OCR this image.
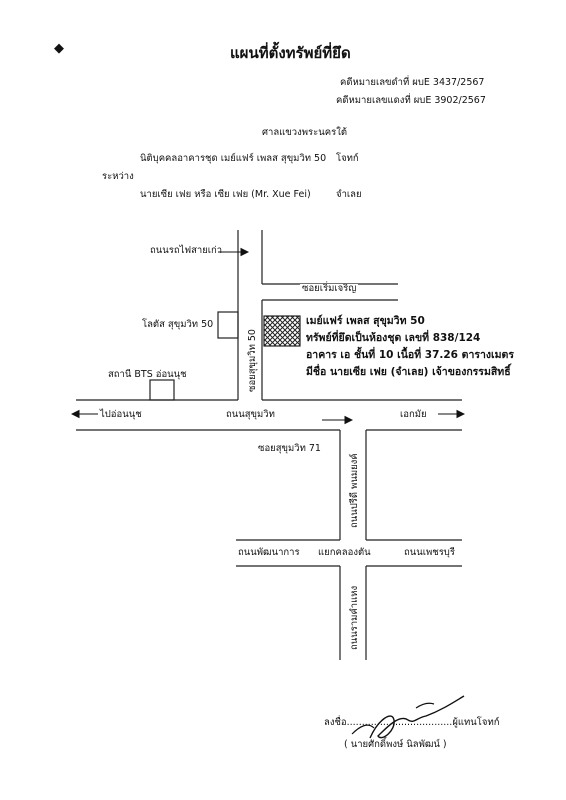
◆	แผนที่ตั้งทรัพย์ที่ยึด
คดีหมายเลขดำที่ ผบE 3437/2567
คดีหมายเลขแดงที่ ผบE 3902/2567
ศาลแขวงพระนครใต้
นิติบุคคลอาคารชุด เมย์แฟร์ เพลส สุขุมวิท 50 โจทก์
ระหว่าง
นายเซีย เฟย หรือ เซีย เฟย (Mr. Xue Fei)	จำเลย
ถนนรถไฟสายเก่า
ซอยเริ่มเจริญ
โลตัส สุขุมวิท 50
ซอยสุขุมวิท 50
สถานี BTS อ่อนนุช
เมย์แฟร์ เพลส สุขุมวิท 50
ทรัพย์ที่ยึดเป็นห้องชุด เลขที่ 838/124
อาคาร เอ ชั้นที่ 10 เนื้อที่ 37.26 ตารางเมตร
มีชื่อ นายเซีย เฟย (จำเลย) เจ้าของกรรมสิทธิ์
ไปอ่อนนุช	ถนนสุขุมวิท	เอกมัย
ซอยสุขุมวิท 71
ถนนปรีดี พนมยงค์
ถนนพัฒนาการ แยกคลองตัน	ถนนเพชรบุรี
ถนนรามคำแหง
ลงชื่อ...................................ผู้แทนโจทก์
( นายศักดิ์พงษ์ นิลพัฒน์ )
